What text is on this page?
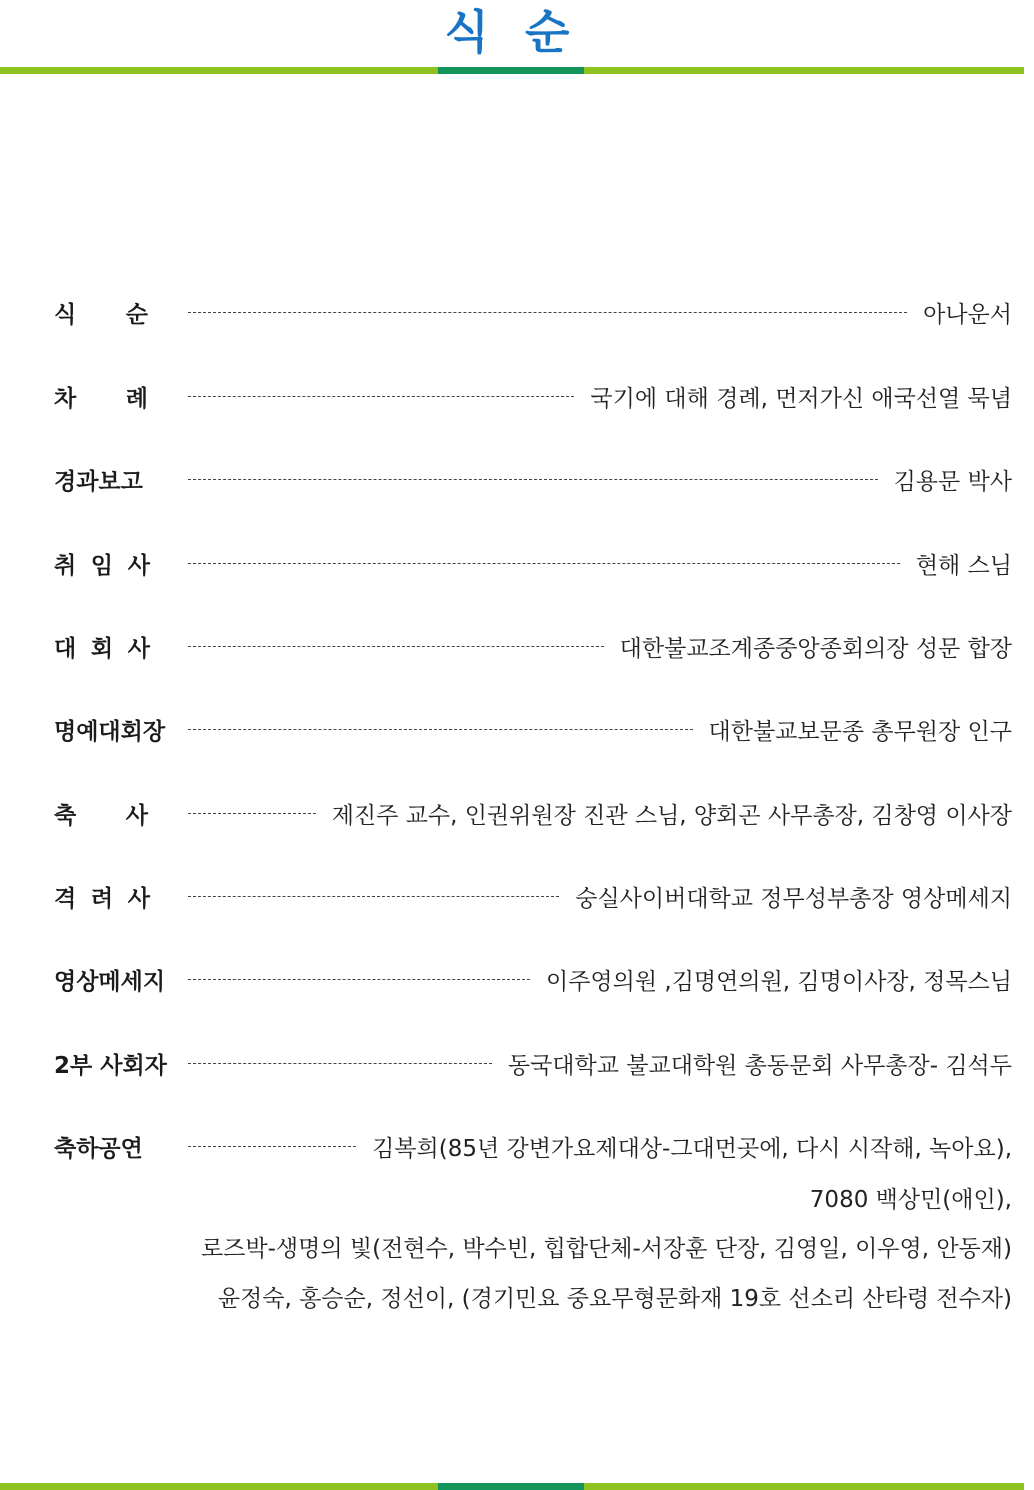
식 순
식 순	아나운서
차 례	국기에 대해 경례, 먼저가신 애국선열 묵념
경과보고	김용문 박사
취 임 사	현해 스님
대 회 사	대한불교조계종중앙종회의장 성문 합장
명예대회장	대한불교보문종 총무원장 인구
축 사	제진주 교수, 인권위원장 진관 스님, 양회곤 사무총장, 김창영 이사장
격 려 사	숭실사이버대학교 정무성부총장 영상메세지
영상메세지	이주영의원 ,김명연의원, 김명이사장, 정목스님
2부 사회자	동국대학교 불교대학원 총동문회 사무총장- 김석두
축하공연	김복희(85년 강변가요제대상-그대먼곳에, 다시 시작해, 녹아요),
7080 백상민(애인),
로즈박-생명의 빛(전현수, 박수빈, 힙합단체-서장훈 단장, 김영일, 이우영, 안동재)
윤정숙, 홍승순, 정선이, (경기민요 중요무형문화재 19호 선소리 산타령 전수자)
